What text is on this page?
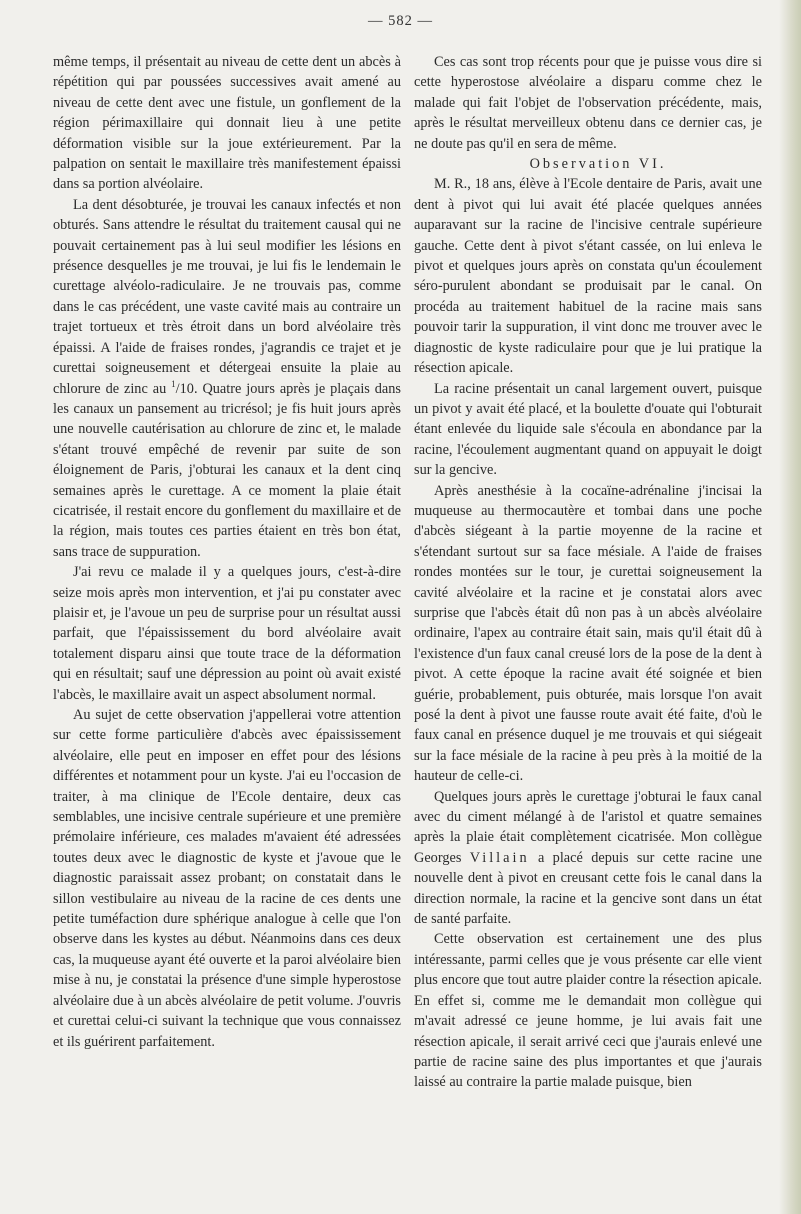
— 582 —

même temps, il présentait au niveau de cette dent un abcès à répétition qui par poussées successives avait amené au niveau de cette dent avec une fistule, un gonflement de la région périmaxillaire qui donnait lieu à une petite déformation visible sur la joue extérieurement. Par la palpation on sentait le maxillaire très manifestement épaissi dans sa portion alvéolaire.

La dent désobturée, je trouvai les canaux infectés et non obturés. Sans attendre le résultat du traitement causal qui ne pouvait certainement pas à lui seul modifier les lésions en présence desquelles je me trouvai, je lui fis le lendemain le curettage alvéolo-radiculaire. Je ne trouvais pas, comme dans le cas précédent, une vaste cavité mais au contraire un trajet tortueux et très étroit dans un bord alvéolaire très épaissi. A l'aide de fraises rondes, j'agrandis ce trajet et je curettai soigneusement et détergeai ensuite la plaie au chlorure de zinc au $^1$/10. Quatre jours après je plaçais dans les canaux un pansement au tricrésol; je fis huit jours après une nouvelle cautérisation au chlorure de zinc et, le malade s'étant trouvé empêché de revenir par suite de son éloignement de Paris, j'obturai les canaux et la dent cinq semaines après le curettage. A ce moment la plaie était cicatrisée, il restait encore du gonflement du maxillaire et de la région, mais toutes ces parties étaient en très bon état, sans trace de suppuration.

J'ai revu ce malade il y a quelques jours, c'est-à-dire seize mois après mon intervention, et j'ai pu constater avec plaisir et, je l'avoue un peu de surprise pour un résultat aussi parfait, que l'épaississement du bord alvéolaire avait totalement disparu ainsi que toute trace de la déformation qui en résultait; sauf une dépression au point où avait existé l'abcès, le maxillaire avait un aspect absolument normal.

Au sujet de cette observation j'appellerai votre attention sur cette forme particulière d'abcès avec épaississement alvéolaire, elle peut en imposer en effet pour des lésions différentes et notamment pour un kyste. J'ai eu l'occasion de traiter, à ma clinique de l'Ecole dentaire, deux cas semblables, une incisive centrale supérieure et une première prémolaire inférieure, ces malades m'avaient été adressées toutes deux avec le diagnostic de kyste et j'avoue que le diagnostic paraissait assez probant; on constatait dans le sillon vestibulaire au niveau de la racine de ces dents une petite tuméfaction dure sphérique analogue à celle que l'on observe dans les kystes au début. Néanmoins dans ces deux cas, la muqueuse ayant été ouverte et la paroi alvéolaire bien mise à nu, je constatai la présence d'une simple hyperostose alvéolaire due à un abcès alvéolaire de petit volume. J'ouvris et curettai celui-ci suivant la technique que vous connaissez et ils guérirent parfaitement.

Ces cas sont trop récents pour que je puisse vous dire si cette hyperostose alvéolaire a disparu comme chez le malade qui fait l'objet de l'observation précédente, mais, après le résultat merveilleux obtenu dans ce dernier cas, je ne doute pas qu'il en sera de même.

Observation VI.

M. R., 18 ans, élève à l'Ecole dentaire de Paris, avait une dent à pivot qui lui avait été placée quelques années auparavant sur la racine de l'incisive centrale supérieure gauche. Cette dent à pivot s'étant cassée, on lui enleva le pivot et quelques jours après on constata qu'un écoulement séro-purulent abondant se produisait par le canal. On procéda au traitement habituel de la racine mais sans pouvoir tarir la suppuration, il vint donc me trouver avec le diagnostic de kyste radiculaire pour que je lui pratique la résection apicale.

La racine présentait un canal largement ouvert, puisque un pivot y avait été placé, et la boulette d'ouate qui l'obturait étant enlevée du liquide sale s'écoula en abondance par la racine, l'écoulement augmentant quand on appuyait le doigt sur la gencive.

Après anesthésie à la cocaïne-adrénaline j'incisai la muqueuse au thermocautère et tombai dans une poche d'abcès siégeant à la partie moyenne de la racine et s'étendant surtout sur sa face mésiale. A l'aide de fraises rondes montées sur le tour, je curettai soigneusement la cavité alvéolaire et la racine et je constatai alors avec surprise que l'abcès était dû non pas à un abcès alvéolaire ordinaire, l'apex au contraire était sain, mais qu'il était dû à l'existence d'un faux canal creusé lors de la pose de la dent à pivot. A cette époque la racine avait été soignée et bien guérie, probablement, puis obturée, mais lorsque l'on avait posé la dent à pivot une fausse route avait été faite, d'où le faux canal en présence duquel je me trouvais et qui siégeait sur la face mésiale de la racine à peu près à la moitié de la hauteur de celle-ci.

Quelques jours après le curettage j'obturai le faux canal avec du ciment mélangé à de l'aristol et quatre semaines après la plaie était complètement cicatrisée. Mon collègue Georges Villain a placé depuis sur cette racine une nouvelle dent à pivot en creusant cette fois le canal dans la direction normale, la racine et la gencive sont dans un état de santé parfaite.

Cette observation est certainement une des plus intéressante, parmi celles que je vous présente car elle vient plus encore que tout autre plaider contre la résection apicale. En effet si, comme me le demandait mon collègue qui m'avait adressé ce jeune homme, je lui avais fait une résection apicale, il serait arrivé ceci que j'aurais enlevé une partie de racine saine des plus importantes et que j'aurais laissé au contraire la partie malade puisque, bien
